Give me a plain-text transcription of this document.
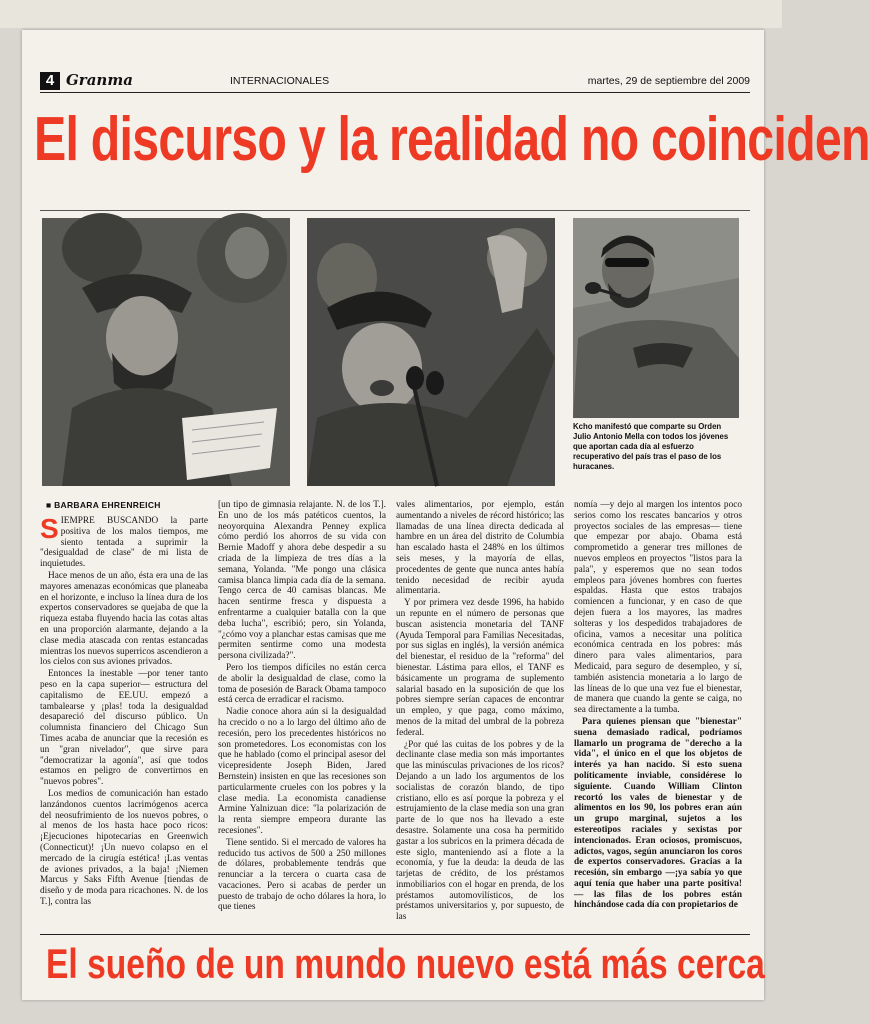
4 Granma	INTERNACIONALES	martes, 29 de septiembre del 2009
El discurso y la realidad no coinciden
Kcho manifestó que comparte su Orden Julio Antonio Mella con todos los jóvenes que aportan cada día al esfuerzo recuperativo del país tras el paso de los huracanes.
■ BARBARA EHRENREICH

SIEMPRE BUSCANDO la parte positiva de los malos tiempos, me siento tentada a suprimir la "desigualdad de clase" de mi lista de inquietudes.

Hace menos de un año, ésta era una de las mayores amenazas económicas que planeaba en el horizonte, e incluso la línea dura de los expertos conservadores se quejaba de que la riqueza estaba fluyendo hacia las cotas altas en una proporción alarmante, dejando a la clase media atascada con rentas estancadas mientras los nuevos superricos ascendieron a los cielos con sus aviones privados.

Entonces la inestable —por tener tanto peso en la capa superior— estructura del capitalismo de EE.UU. empezó a tambalearse y ¡plas! toda la desigualdad desapareció del discurso público. Un columnista financiero del Chicago Sun Times acaba de anunciar que la recesión es un "gran nivelador", que sirve para "democratizar la agonía", así que todos estamos en peligro de convertirnos en "nuevos pobres".

Los medios de comunicación han estado lanzándonos cuentos lacrimógenos acerca del neosufrimiento de los nuevos pobres, o al menos de los hasta hace poco ricos: ¡Ejecuciones hipotecarias en Greenwich (Connecticut)! ¡Un nuevo colapso en el mercado de la cirugía estética! ¡Las ventas de aviones privados, a la baja! ¡Niemen Marcus y Saks Fifth Avenue [tiendas de diseño y de moda para ricachones. N. de los T.], contra las

[un tipo de gimnasia relajante. N. de los T.]. En uno de los más patéticos cuentos, la neoyorquina Alexandra Penney explica cómo perdió los ahorros de su vida con Bernie Madoff y ahora debe despedir a su criada de la limpieza de tres días a la semana, Yolanda. "Me pongo una clásica camisa blanca limpia cada día de la semana. Tengo cerca de 40 camisas blancas. Me hacen sentirme fresca y dispuesta a enfrentarme a cualquier batalla con la que deba lucha", escribió; pero, sin Yolanda, "¿cómo voy a planchar estas camisas que me permiten sentirme como una modesta persona civilizada?".

Pero los tiempos difíciles no están cerca de abolir la desigualdad de clase, como la toma de posesión de Barack Obama tampoco está cerca de erradicar el racismo.

Nadie conoce ahora aún si la desigualdad ha crecido o no a lo largo del último año de recesión, pero los precedentes históricos no son prometedores. Los economistas con los que he hablado (como el principal asesor del vicepresidente Joseph Biden, Jared Bernstein) insisten en que las recesiones son particularmente crueles con los pobres y la clase media. La economista canadiense Armine Yalnizuan dice: "la polarización de la renta siempre empeora durante las recesiones".

Tiene sentido. Si el mercado de valores ha reducido tus activos de 500 a 250 millones de dólares, probablemente tendrás que renunciar a la tercera o cuarta casa de vacaciones. Pero si acabas de perder un puesto de trabajo de ocho dólares la hora, lo que tienes

vales alimentarios, por ejemplo, están aumentando a niveles de récord histórico; las llamadas de una línea directa dedicada al hambre en un área del distrito de Columbia han escalado hasta el 248% en los últimos seis meses, y la mayoría de ellas, procedentes de gente que nunca antes había tenido necesidad de recibir ayuda alimentaria.

Y por primera vez desde 1996, ha habido un repunte en el número de personas que buscan asistencia monetaria del TANF (Ayuda Temporal para Familias Necesitadas, por sus siglas en inglés), la versión anémica del bienestar, el residuo de la "reforma" del bienestar. Lástima para ellos, el TANF es básicamente un programa de suplemento salarial basado en la suposición de que los pobres siempre serían capaces de encontrar un empleo, y que paga, como máximo, menos de la mitad del umbral de la pobreza federal.

¿Por qué las cuitas de los pobres y de la declinante clase media son más importantes que las minúsculas privaciones de los ricos? Dejando a un lado los argumentos de los socialistas de corazón blando, de tipo cristiano, ello es así porque la pobreza y el estrujamiento de la clase media son una gran parte de lo que nos ha llevado a este desastre. Solamente una cosa ha permitido gastar a los subricos en la primera década de este siglo, manteniendo así a flote a la economía, y fue la deuda: la deuda de las tarjetas de crédito, de los préstamos inmobiliarios con el hogar en prenda, de los préstamos automovilísticos, de los préstamos universitarios y, por supuesto, de las

nomía —y dejo al margen los intentos poco serios como los rescates bancarios y otros proyectos sociales de las empresas— tiene que empezar por abajo. Obama está comprometido a generar tres millones de nuevos empleos en proyectos "listos para la pala", y esperemos que no sean todos empleos para jóvenes hombres con fuertes espaldas. Hasta que estos trabajos comiencen a funcionar, y en caso de que dejen fuera a los mayores, las madres solteras y los despedidos trabajadores de oficina, vamos a necesitar una política económica centrada en los pobres: más dinero para vales alimentarios, para Medicaid, para seguro de desempleo, y sí, también asistencia monetaria a lo largo de las líneas de lo que una vez fue el bienestar, de manera que cuando la gente se caiga, no sea directamente a la tumba.

Para quienes piensan que "bienestar" suena demasiado radical, podríamos llamarlo un programa de "derecho a la vida", el único en el que los objetos de interés ya han nacido. Si esto suena políticamente inviable, considérese lo siguiente. Cuando William Clinton recortó los vales de bienestar y de alimentos en los 90, los pobres eran aún un grupo marginal, sujetos a los estereotipos raciales y sexistas por intencionados. Eran ociosos, promiscuos, adictos, vagos, según anunciaron los coros de expertos conservadores. Gracias a la recesión, sin embargo —¡ya sabía yo que aquí tenía que haber una parte positiva!— las filas de los pobres están hinchándose cada día con propietarios de

El sueño de un mundo nuevo está más cerca
